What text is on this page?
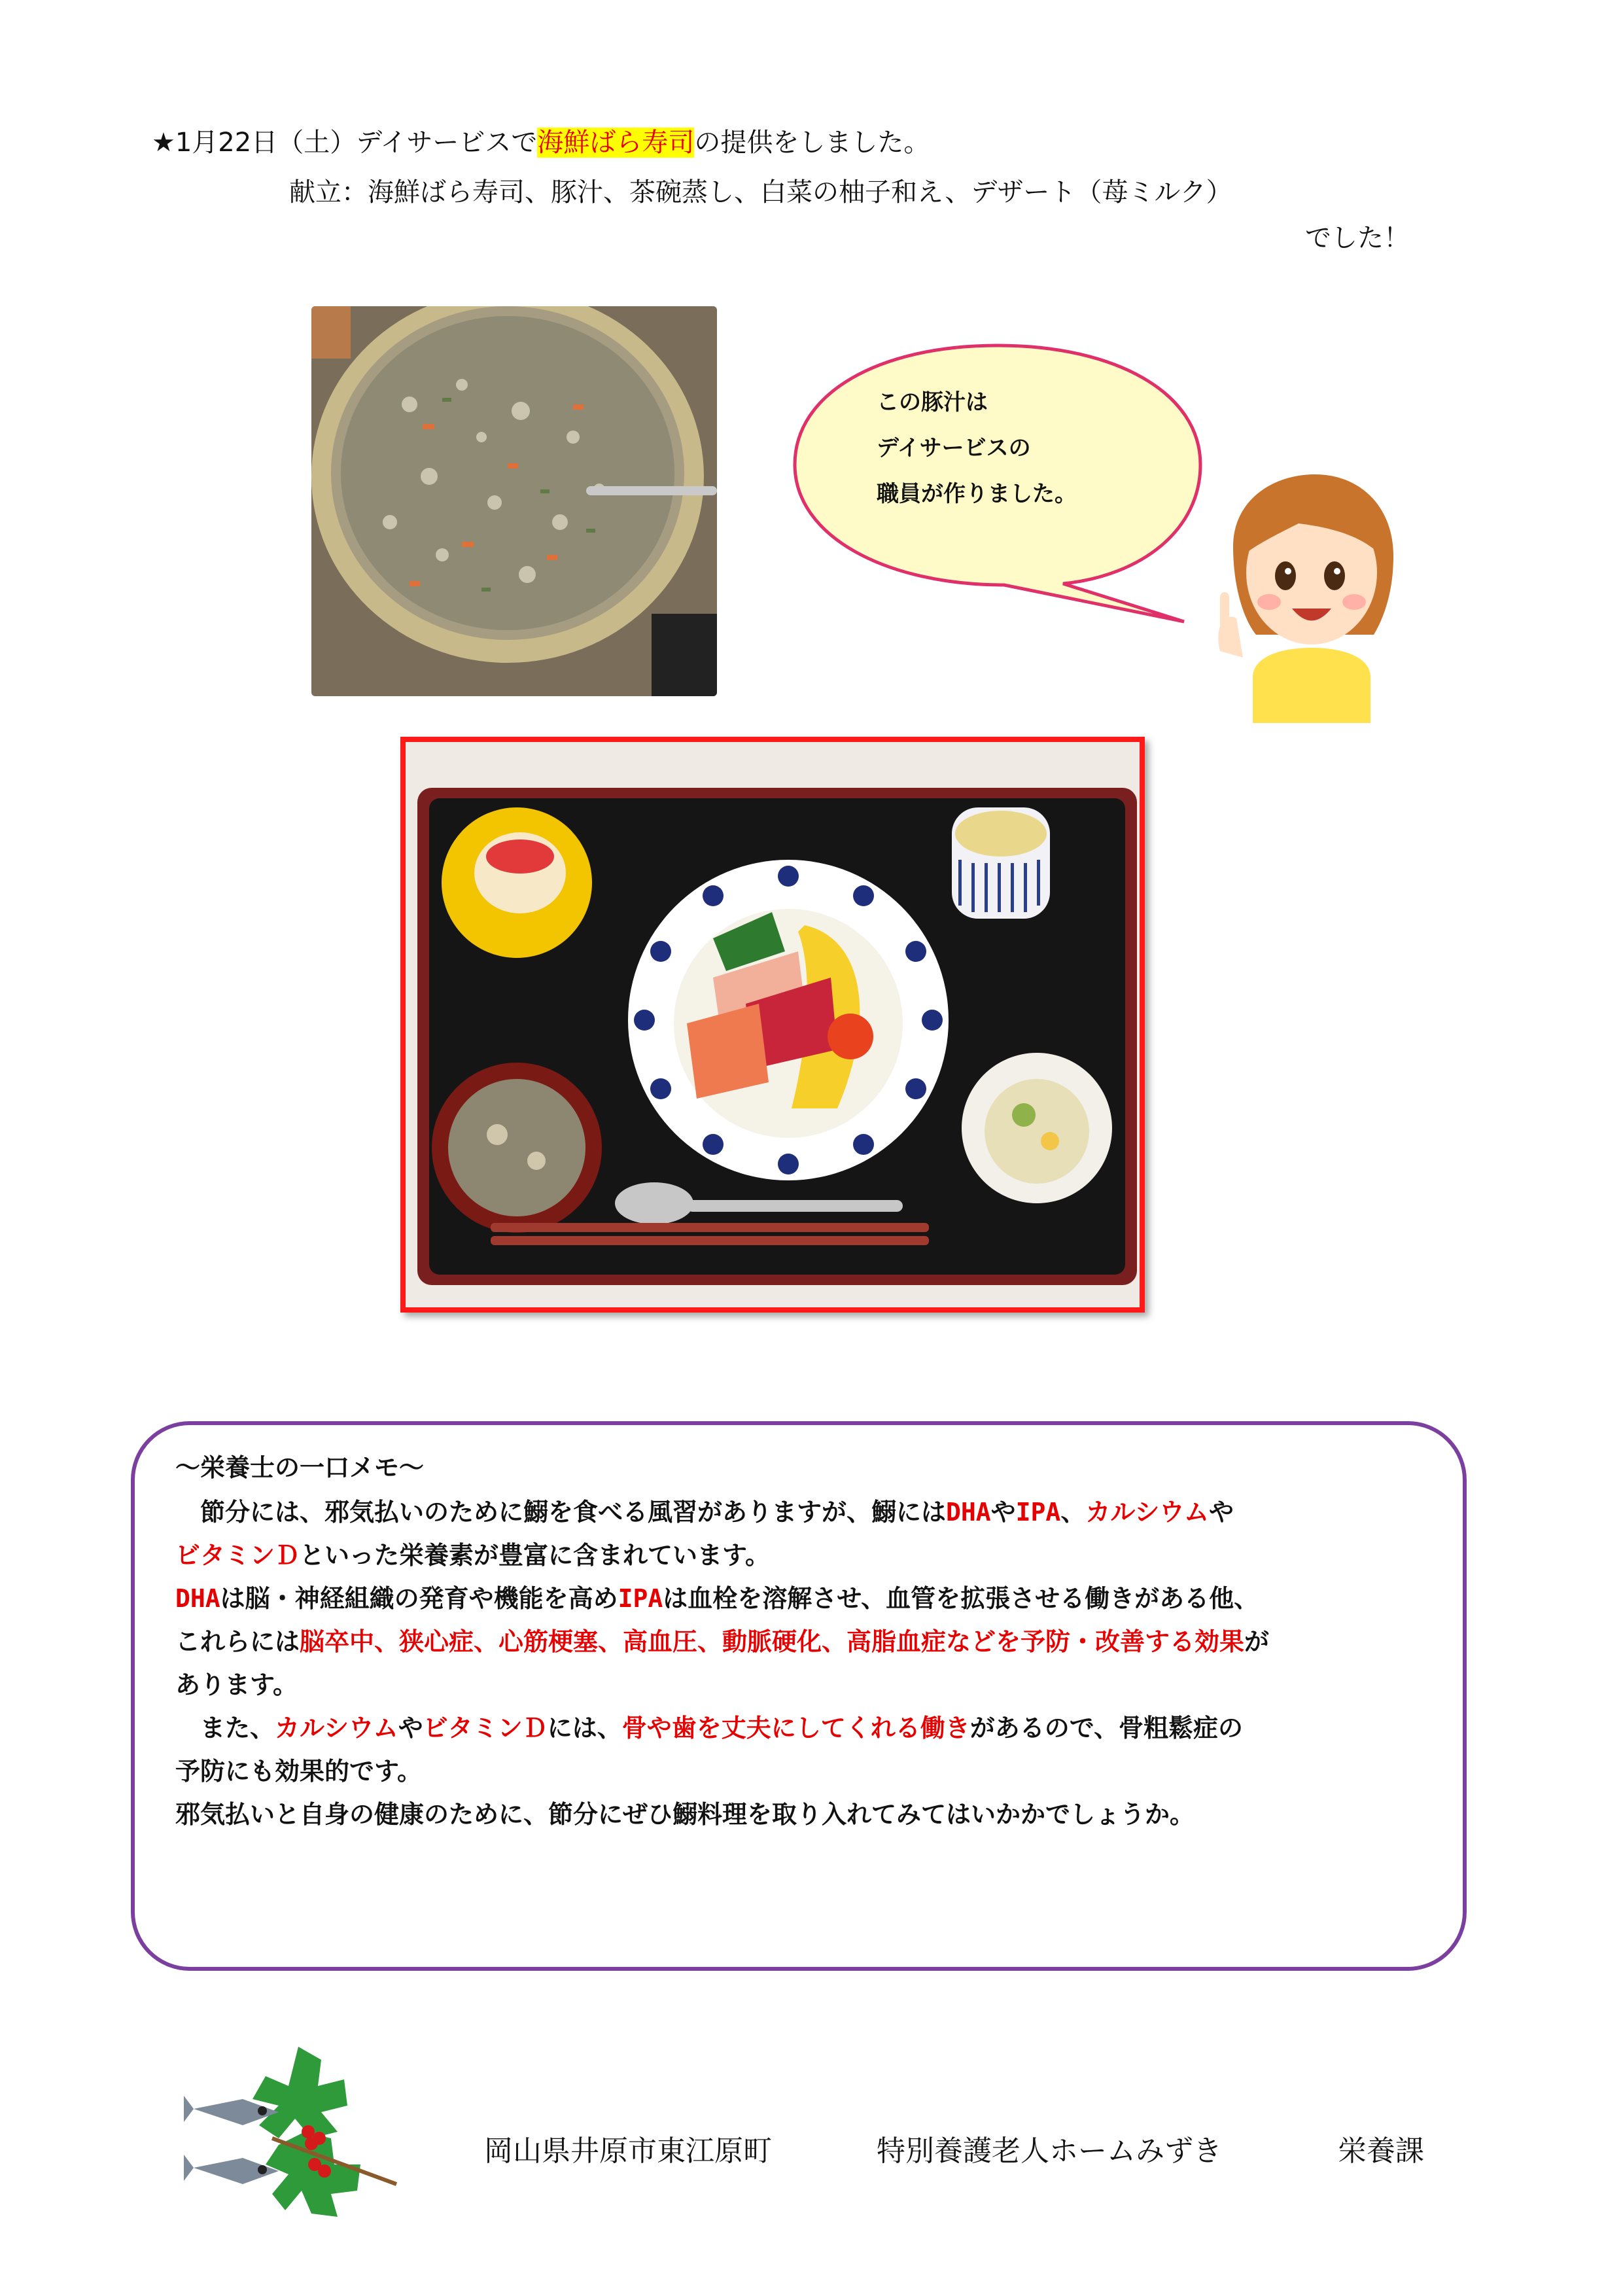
★1月22日（土）デイサービスで海鮮ばら寿司の提供をしました。
献立：海鮮ばら寿司、豚汁、茶碗蒸し、白菜の柚子和え、デザート（苺ミルク）
でした！
この豚汁は
デイサービスの
職員が作りました。
～栄養士の一口メモ～
　節分には、邪気払いのために鰯を食べる風習がありますが、鰯にはDHAやIPA、カルシウムや
ビタミンＤといった栄養素が豊富に含まれています。
DHAは脳・神経組織の発育や機能を高めIPAは血栓を溶解させ、血管を拡張させる働きがある他、
これらには脳卒中、狭心症、心筋梗塞、高血圧、動脈硬化、高脂血症などを予防・改善する効果が
あります。
　また、カルシウムやビタミンＤには、骨や歯を丈夫にしてくれる働きがあるので、骨粗鬆症の
予防にも効果的です。
邪気払いと自身の健康のために、節分にぜひ鰯料理を取り入れてみてはいかかでしょうか。
岡山県井原市東江原町	特別養護老人ホームみずき	栄養課
